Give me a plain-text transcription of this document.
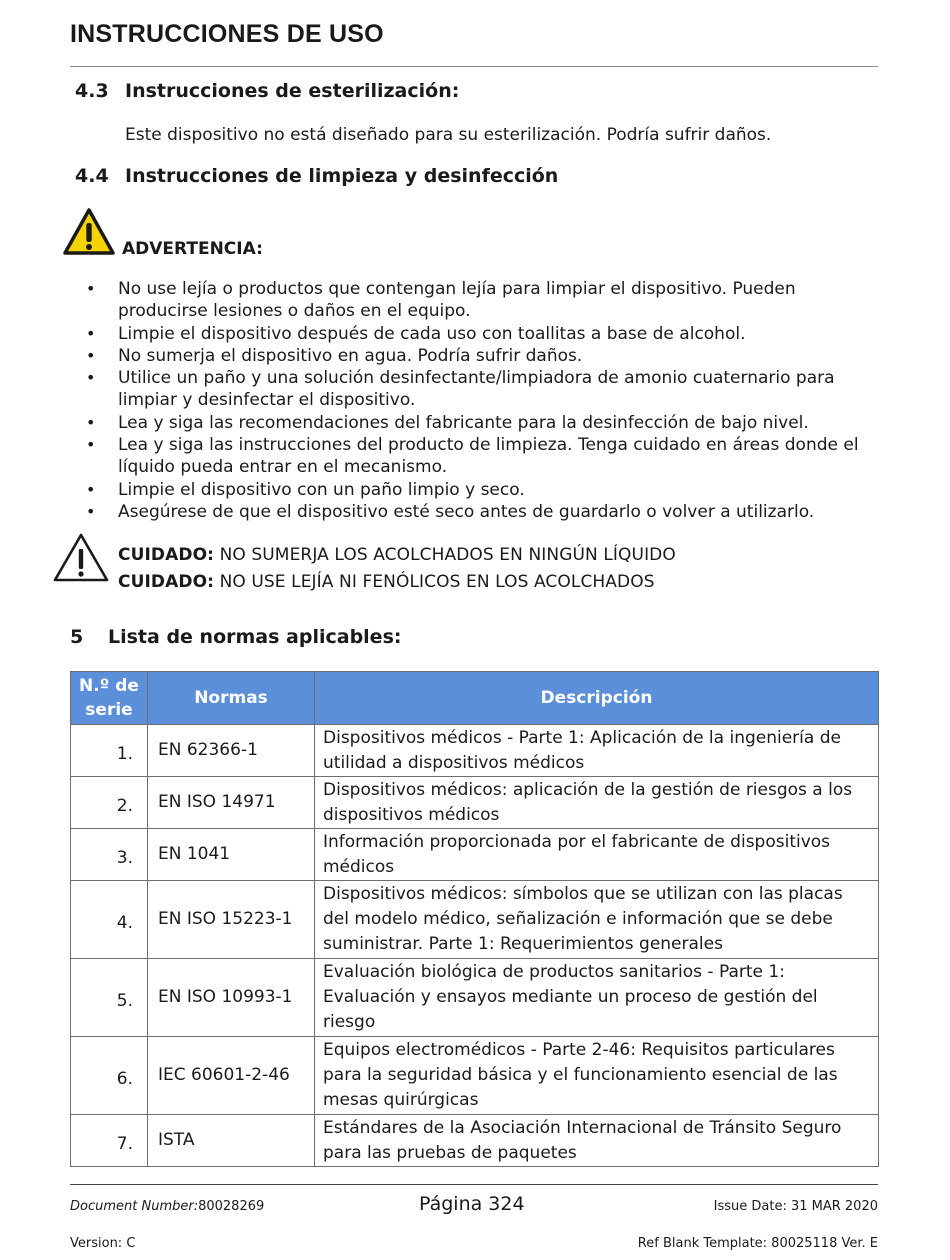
INSTRUCCIONES DE USO
4.3 Instrucciones de esterilización:
Este dispositivo no está diseñado para su esterilización. Podría sufrir daños.
4.4 Instrucciones de limpieza y desinfección
ADVERTENCIA:
• No use lejía o productos que contengan lejía para limpiar el dispositivo. Pueden producirse lesiones o daños en el equipo.
• Limpie el dispositivo después de cada uso con toallitas a base de alcohol.
• No sumerja el dispositivo en agua. Podría sufrir daños.
• Utilice un paño y una solución desinfectante/limpiadora de amonio cuaternario para limpiar y desinfectar el dispositivo.
• Lea y siga las recomendaciones del fabricante para la desinfección de bajo nivel.
• Lea y siga las instrucciones del producto de limpieza. Tenga cuidado en áreas donde el líquido pueda entrar en el mecanismo.
• Limpie el dispositivo con un paño limpio y seco.
• Asegúrese de que el dispositivo esté seco antes de guardarlo o volver a utilizarlo.
CUIDADO: NO SUMERJA LOS ACOLCHADOS EN NINGÚN LÍQUIDO
CUIDADO: NO USE LEJÍA NI FENÓLICOS EN LOS ACOLCHADOS
5 Lista de normas aplicables:
N.º de serie	Normas	Descripción
1.	EN 62366-1	Dispositivos médicos - Parte 1: Aplicación de la ingeniería de utilidad a dispositivos médicos
2.	EN ISO 14971	Dispositivos médicos: aplicación de la gestión de riesgos a los dispositivos médicos
3.	EN 1041	Información proporcionada por el fabricante de dispositivos médicos
4.	EN ISO 15223-1	Dispositivos médicos: símbolos que se utilizan con las placas del modelo médico, señalización e información que se debe suministrar. Parte 1: Requerimientos generales
5.	EN ISO 10993-1	Evaluación biológica de productos sanitarios - Parte 1: Evaluación y ensayos mediante un proceso de gestión del riesgo
6.	IEC 60601-2-46	Equipos electromédicos - Parte 2-46: Requisitos particulares para la seguridad básica y el funcionamiento esencial de las mesas quirúrgicas
7.	ISTA	Estándares de la Asociación Internacional de Tránsito Seguro para las pruebas de paquetes
Document Number:80028269	Página 324	Issue Date: 31 MAR 2020
Version: C	Ref Blank Template: 80025118 Ver. E
